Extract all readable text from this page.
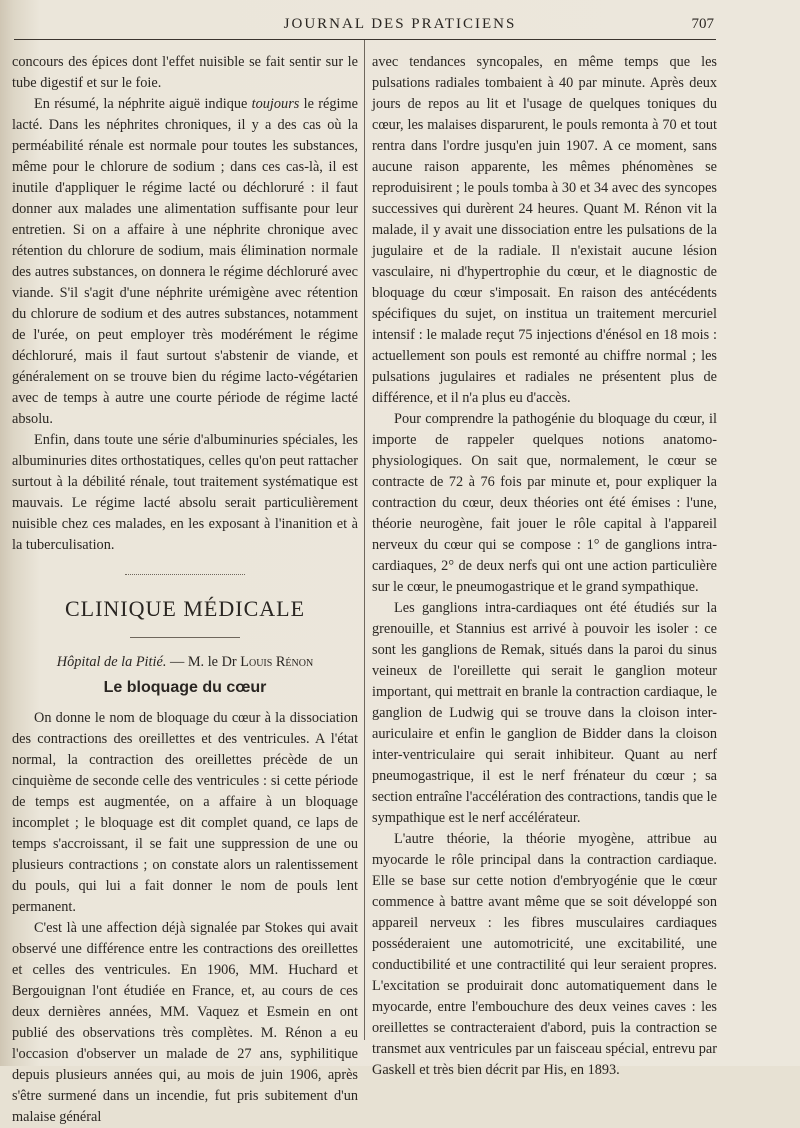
JOURNAL DES PRATICIENS	707

concours des épices dont l'effet nuisible se fait sentir sur le tube digestif et sur le foie.

En résumé, la néphrite aiguë indique toujours le régime lacté. Dans les néphrites chroniques, il y a des cas où la perméabilité rénale est normale pour toutes les substances, même pour le chlorure de sodium ; dans ces cas-là, il est inutile d'appliquer le régime lacté ou déchloruré : il faut donner aux malades une alimentation suffisante pour leur entretien. Si on a affaire à une néphrite chronique avec rétention du chlorure de sodium, mais élimination normale des autres substances, on donnera le régime déchloruré avec viande. S'il s'agit d'une néphrite urémigène avec rétention du chlorure de sodium et des autres substances, notamment de l'urée, on peut employer très modérément le régime déchloruré, mais il faut surtout s'abstenir de viande, et généralement on se trouve bien du régime lacto-végétarien avec de temps à autre une courte période de régime lacté absolu.

Enfin, dans toute une série d'albuminuries spéciales, les albuminuries dites orthostatiques, celles qu'on peut rattacher surtout à la débilité rénale, tout traitement systématique est mauvais. Le régime lacté absolu serait particulièrement nuisible chez ces malades, en les exposant à l'inanition et à la tuberculisation.

CLINIQUE MÉDICALE
Hôpital de la Pitié. — M. le Dr Louis Rénon
Le bloquage du cœur

On donne le nom de bloquage du cœur à la dissociation des contractions des oreillettes et des ventricules. A l'état normal, la contraction des oreillettes précède de un cinquième de seconde celle des ventricules : si cette période de temps est augmentée, on a affaire à un bloquage incomplet ; le bloquage est dit complet quand, ce laps de temps s'accroissant, il se fait une suppression de une ou plusieurs contractions ; on constate alors un ralentissement du pouls, qui lui a fait donner le nom de pouls lent permanent.

C'est là une affection déjà signalée par Stokes qui avait observé une différence entre les contractions des oreillettes et celles des ventricules. En 1906, MM. Huchard et Bergouignan l'ont étudiée en France, et, au cours de ces deux dernières années, MM. Vaquez et Esmein en ont publié des observations très complètes. M. Rénon a eu l'occasion d'observer un malade de 27 ans, syphilitique depuis plusieurs années qui, au mois de juin 1906, après s'être surmené dans un incendie, fut pris subitement d'un malaise général

avec tendances syncopales, en même temps que les pulsations radiales tombaient à 40 par minute. Après deux jours de repos au lit et l'usage de quelques toniques du cœur, les malaises disparurent, le pouls remonta à 70 et tout rentra dans l'ordre jusqu'en juin 1907. A ce moment, sans aucune raison apparente, les mêmes phénomènes se reproduisirent ; le pouls tomba à 30 et 34 avec des syncopes successives qui durèrent 24 heures. Quant M. Rénon vit la malade, il y avait une dissociation entre les pulsations de la jugulaire et de la radiale. Il n'existait aucune lésion vasculaire, ni d'hypertrophie du cœur, et le diagnostic de bloquage du cœur s'imposait. En raison des antécédents spécifiques du sujet, on institua un traitement mercuriel intensif : le malade reçut 75 injections d'énésol en 18 mois : actuellement son pouls est remonté au chiffre normal ; les pulsations jugulaires et radiales ne présentent plus de différence, et il n'a plus eu d'accès.

Pour comprendre la pathogénie du bloquage du cœur, il importe de rappeler quelques notions anatomo-physiologiques. On sait que, normalement, le cœur se contracte de 72 à 76 fois par minute et, pour expliquer la contraction du cœur, deux théories ont été émises : l'une, théorie neurogène, fait jouer le rôle capital à l'appareil nerveux du cœur qui se compose : 1° de ganglions intra-cardiaques, 2° de deux nerfs qui ont une action particulière sur le cœur, le pneumogastrique et le grand sympathique.

Les ganglions intra-cardiaques ont été étudiés sur la grenouille, et Stannius est arrivé à pouvoir les isoler : ce sont les ganglions de Remak, situés dans la paroi du sinus veineux de l'oreillette qui serait le ganglion moteur important, qui mettrait en branle la contraction cardiaque, le ganglion de Ludwig qui se trouve dans la cloison inter-auriculaire et enfin le ganglion de Bidder dans la cloison inter-ventriculaire qui serait inhibiteur. Quant au nerf pneumogastrique, il est le nerf frénateur du cœur ; sa section entraîne l'accélération des contractions, tandis que le sympathique est le nerf accélérateur.

L'autre théorie, la théorie myogène, attribue au myocarde le rôle principal dans la contraction cardiaque. Elle se base sur cette notion d'embryogénie que le cœur commence à battre avant même que se soit développé son appareil nerveux : les fibres musculaires cardiaques posséderaient une automotricité, une excitabilité, une conductibilité et une contractilité qui leur seraient propres. L'excitation se produirait donc automatiquement dans le myocarde, entre l'embouchure des deux veines caves : les oreillettes se contracteraient d'abord, puis la contraction se transmet aux ventricules par un faisceau spécial, entrevu par Gaskell et très bien décrit par His, en 1893.
